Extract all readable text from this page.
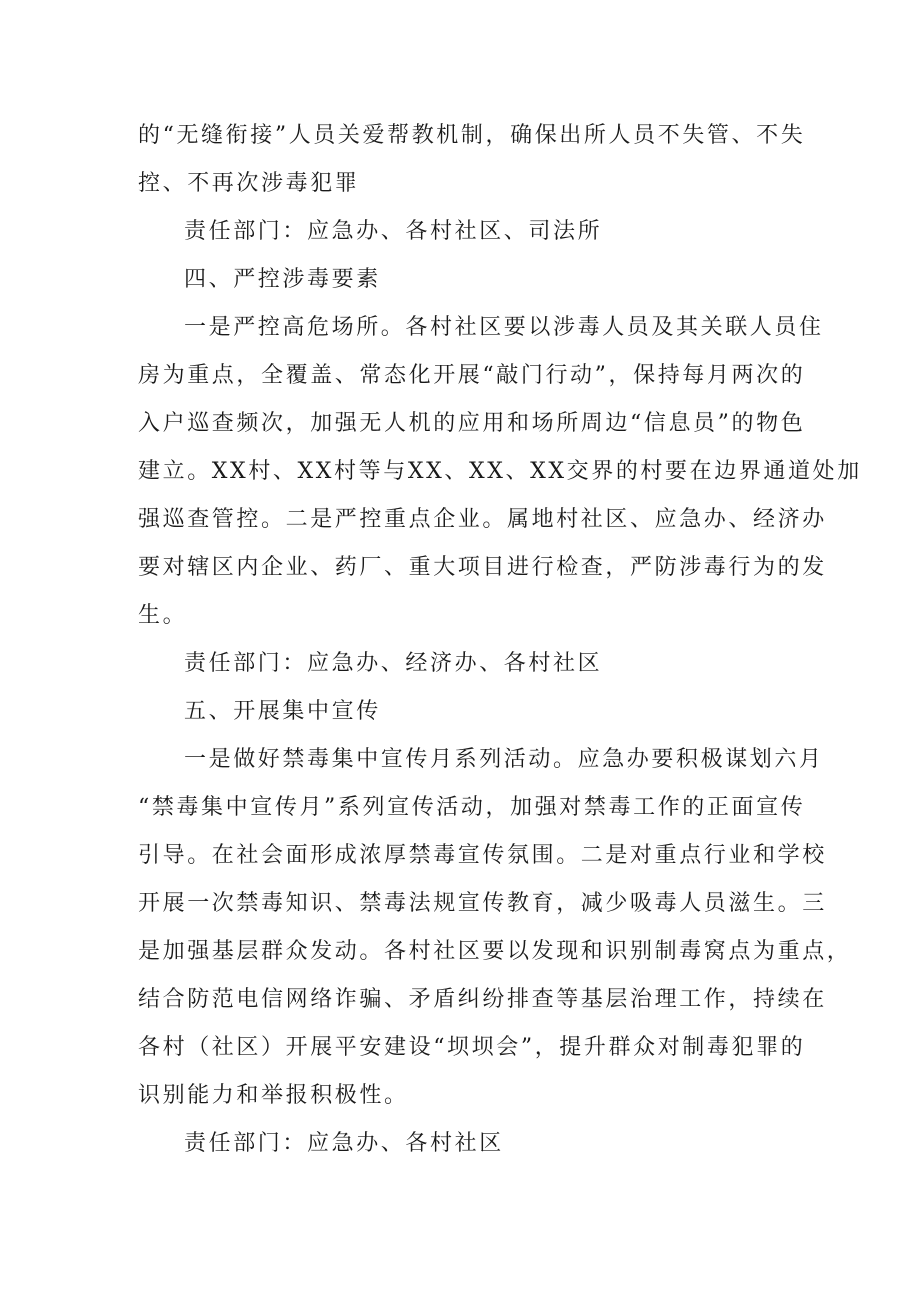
的“无缝衔接”人员关爱帮教机制，确保出所人员不失管、不失
控、不再次涉毒犯罪
责任部门：应急办、各村社区、司法所
四、严控涉毒要素
一是严控高危场所。各村社区要以涉毒人员及其关联人员住
房为重点，全覆盖、常态化开展“敲门行动”，保持每月两次的
入户巡查频次，加强无人机的应用和场所周边“信息员”的物色
建立。XX村、XX村等与XX、XX、XX交界的村要在边界通道处加
强巡查管控。二是严控重点企业。属地村社区、应急办、经济办
要对辖区内企业、药厂、重大项目进行检查，严防涉毒行为的发
生。
责任部门：应急办、经济办、各村社区
五、开展集中宣传
一是做好禁毒集中宣传月系列活动。应急办要积极谋划六月
“禁毒集中宣传月”系列宣传活动，加强对禁毒工作的正面宣传
引导。在社会面形成浓厚禁毒宣传氛围。二是对重点行业和学校
开展一次禁毒知识、禁毒法规宣传教育，减少吸毒人员滋生。三
是加强基层群众发动。各村社区要以发现和识别制毒窝点为重点，
结合防范电信网络诈骗、矛盾纠纷排查等基层治理工作，持续在
各村（社区）开展平安建设“坝坝会”，提升群众对制毒犯罪的
识别能力和举报积极性。
责任部门：应急办、各村社区
